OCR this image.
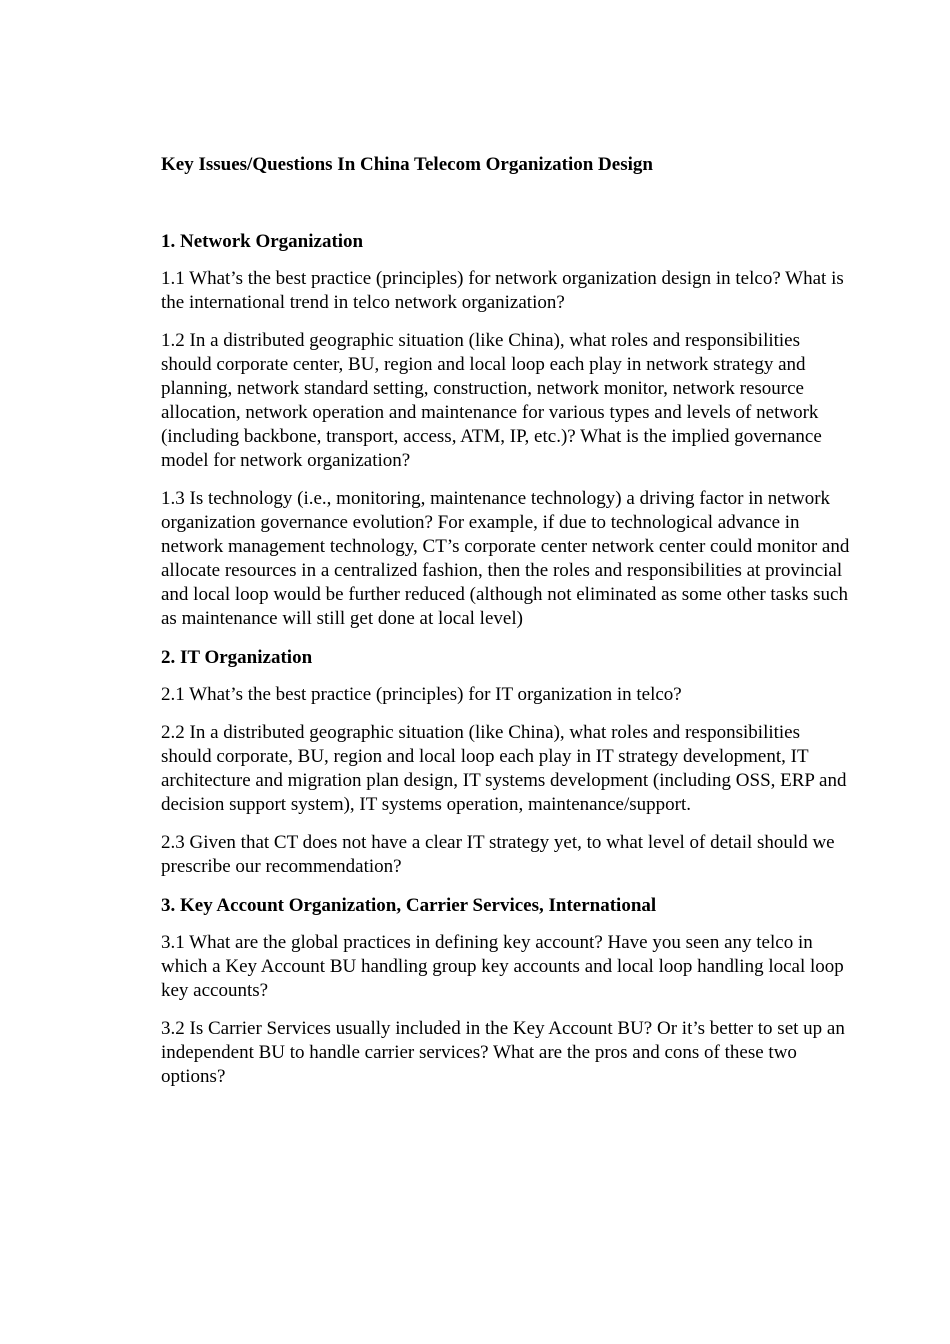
Key Issues/Questions In China Telecom Organization Design
1. Network Organization

1.1 What’s the best practice (principles) for network organization design in telco? What is the international trend in telco network organization?

1.2 In a distributed geographic situation (like China), what roles and responsibilities should corporate center, BU, region and local loop each play in network strategy and planning, network standard setting, construction, network monitor, network resource allocation, network operation and maintenance for various types and levels of network (including backbone, transport, access, ATM, IP, etc.)? What is the implied governance model for network organization?

1.3 Is technology (i.e., monitoring, maintenance technology) a driving factor in network organization governance evolution? For example, if due to technological advance in network management technology, CT’s corporate center network center could monitor and allocate resources in a centralized fashion, then the roles and responsibilities at provincial and local loop would be further reduced (although not eliminated as some other tasks such as maintenance will still get done at local level)

2. IT Organization

2.1 What’s the best practice (principles) for IT organization in telco?

2.2 In a distributed geographic situation (like China), what roles and responsibilities should corporate, BU, region and local loop each play in IT strategy development, IT architecture and migration plan design, IT systems development (including OSS, ERP and decision support system), IT systems operation, maintenance/support.

2.3 Given that CT does not have a clear IT strategy yet, to what level of detail should we prescribe our recommendation?

3. Key Account Organization, Carrier Services, International

3.1 What are the global practices in defining key account? Have you seen any telco in which a Key Account BU handling group key accounts and local loop handling local loop key accounts?

3.2 Is Carrier Services usually included in the Key Account BU? Or it’s better to set up an independent BU to handle carrier services? What are the pros and cons of these two options?
